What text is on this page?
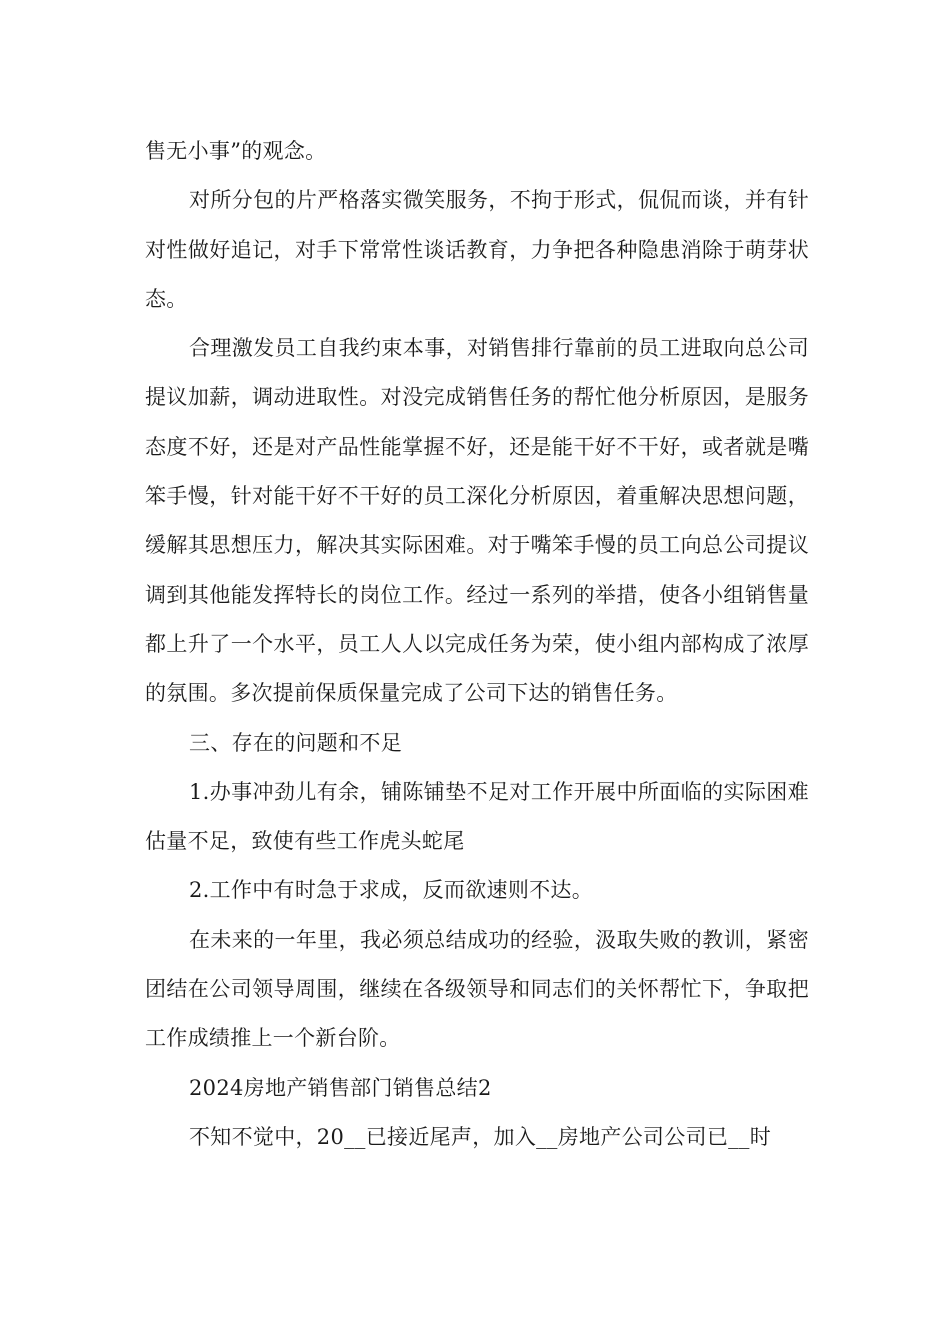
售无小事”的观念。

对所分包的片严格落实微笑服务，不拘于形式，侃侃而谈，并有针对性做好追记，对手下常常性谈话教育，力争把各种隐患消除于萌芽状态。

合理激发员工自我约束本事，对销售排行靠前的员工进取向总公司提议加薪，调动进取性。对没完成销售任务的帮忙他分析原因，是服务态度不好，还是对产品性能掌握不好，还是能干好不干好，或者就是嘴笨手慢，针对能干好不干好的员工深化分析原因，着重解决思想问题，缓解其思想压力，解决其实际困难。对于嘴笨手慢的员工向总公司提议调到其他能发挥特长的岗位工作。经过一系列的举措，使各小组销售量都上升了一个水平，员工人人以完成任务为荣，使小组内部构成了浓厚的氛围。多次提前保质保量完成了公司下达的销售任务。

三、存在的问题和不足

1.办事冲劲儿有余，铺陈铺垫不足对工作开展中所面临的实际困难估量不足，致使有些工作虎头蛇尾

2.工作中有时急于求成，反而欲速则不达。

在未来的一年里，我必须总结成功的经验，汲取失败的教训，紧密团结在公司领导周围，继续在各级领导和同志们的关怀帮忙下，争取把工作成绩推上一个新台阶。

2024房地产销售部门销售总结2

不知不觉中，20__已接近尾声，加入__房地产公司公司已__时
